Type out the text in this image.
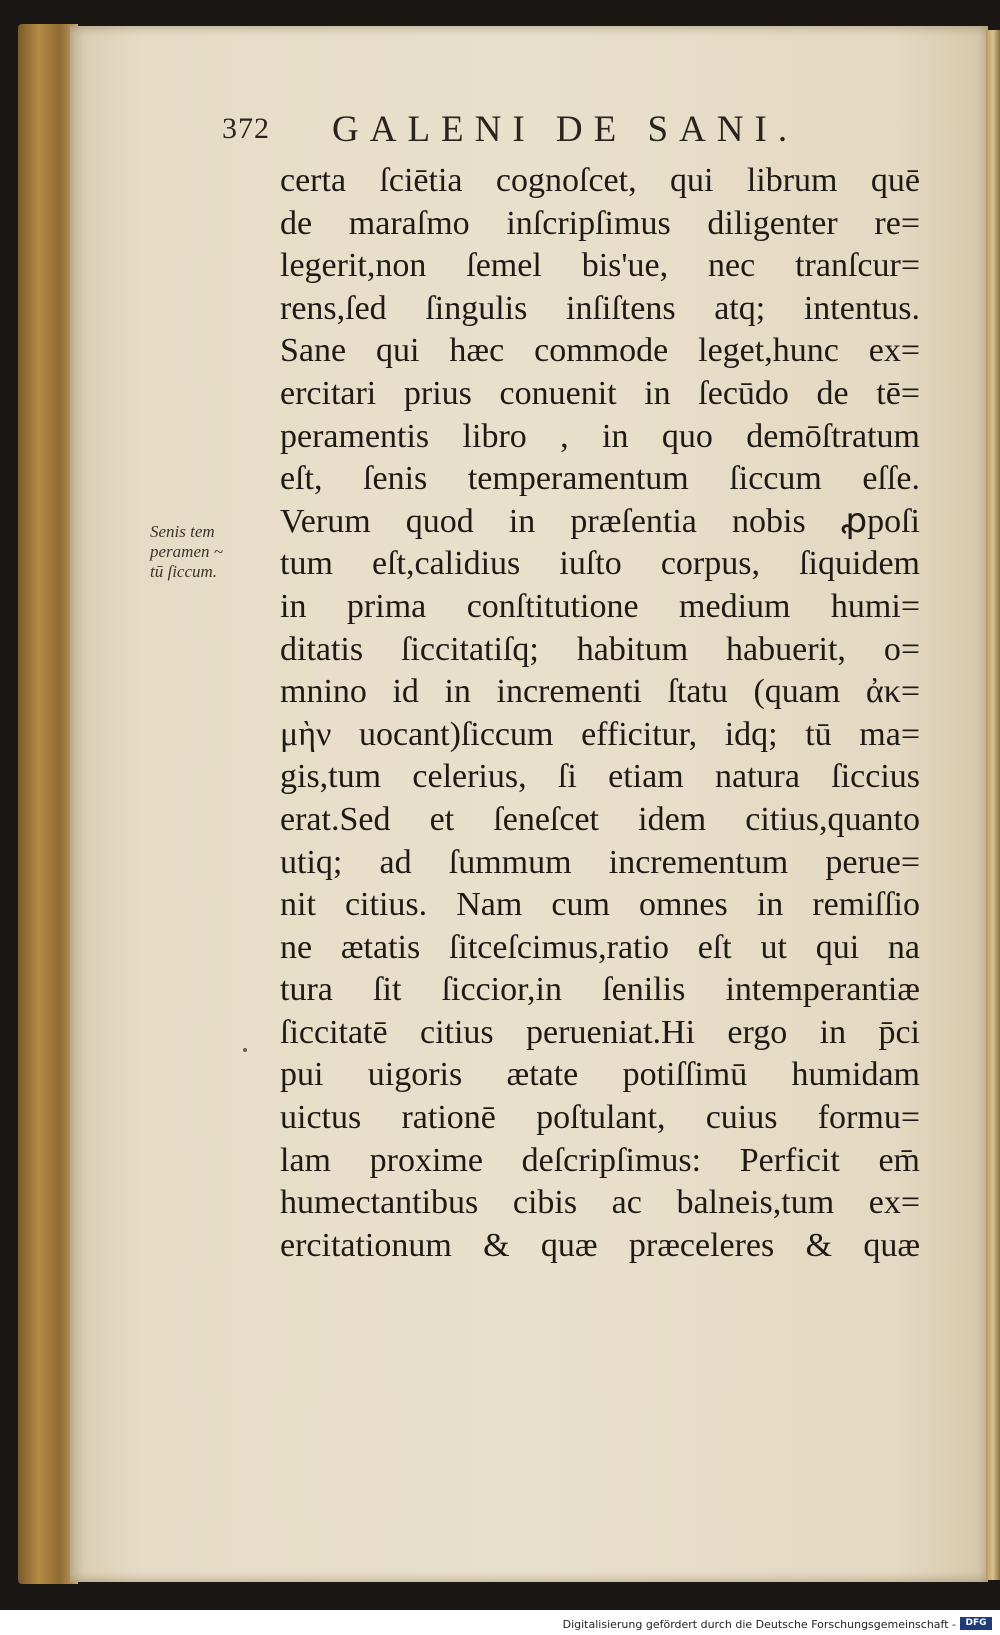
372 GALENI DE SANI.
Senis tem
peramen ~
tū ſiccum.
certa ſciētia cognoſcet, qui librum quē
de maraſmo inſcripſimus diligenter re=
legerit,non ſemel bis'ue, nec tranſcur=
rens,ſed ſingulis inſiſtens atq; intentus.
Sane qui hæc commode leget,hunc ex=
ercitari prius conuenit in ſecūdo de tē=
peramentis libro , in quo demōſtratum
eſt, ſenis temperamentum ſiccum eſſe.
Verum quod in præſentia nobis ꝓpoſi
tum eſt,calidius iuſto corpus, ſiquidem
in prima conſtitutione medium humi=
ditatis ſiccitatiſq; habitum habuerit, o=
mnino id in incrementi ſtatu (quam ἀκ=
μὴν uocant)ſiccum efficitur, idq; tū ma=
gis,tum celerius, ſi etiam natura ſiccius
erat.Sed et ſeneſcet idem citius,quanto
utiq; ad ſummum incrementum perue=
nit citius. Nam cum omnes in remiſſio
ne ætatis ſitceſcimus,ratio eſt ut qui na
tura ſit ſiccior,in ſenilis intemperantiæ
ſiccitatē citius perueniat.Hi ergo in p̄ci
pui uigoris ætate potiſſimū humidam
uictus rationē poſtulant, cuius formu=
lam proxime deſcripſimus: Perficit em̄
humectantibus cibis ac balneis,tum ex=
ercitationum & quæ præceleres & quæ
Digitalisierung gefördert durch die Deutsche Forschungsgemeinschaft -	DFG
